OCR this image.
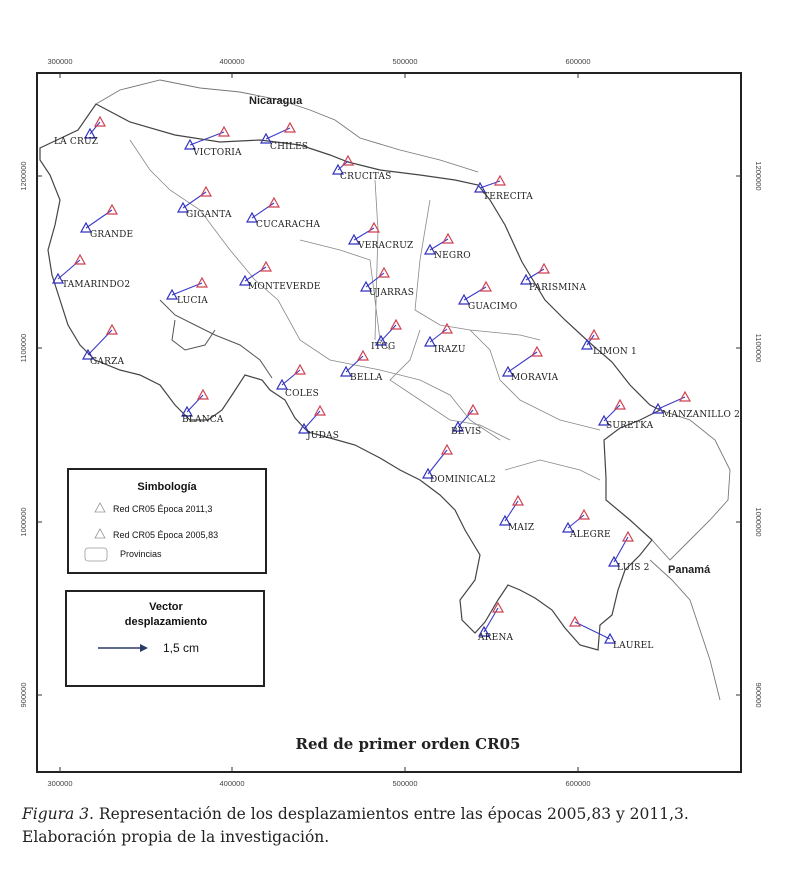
300000	400000	500000	600000
300000	400000	500000	600000
1200000
1100000
1000000
900000
1200000
1100000
1000000
900000
LA CRUZ
VICTORIA
CHILES
CRUCITAS
TERECITA
GIGANTA
CUCARACHA
GRANDE
VERACRUZ
NEGRO
TAMARINDO2
LUCIA
MONTEVERDE
UJARRAS
GUACIMO
PARISMINA
GARZA
ITCG	IRAZU	LIMON 1
BELLA	MORAVIA
COLES
BLANCA	MANZANILLO 2
JUDAS	BEVIS
SURETKA
DOMINICAL2
MAIZ
ALEGRE
LUIS 2
ARENA
LAUREL
Nicaragua
Panamá
Simbología
Red CR05 Época 2011,3
Red CR05 Época 2005,83
Provincias
Vector
desplazamiento
1,5 cm
Red de primer orden CR05
Figura 3. Representación de los desplazamientos entre las épocas 2005,83 y 2011,3. Elaboración propia de la investigación.
